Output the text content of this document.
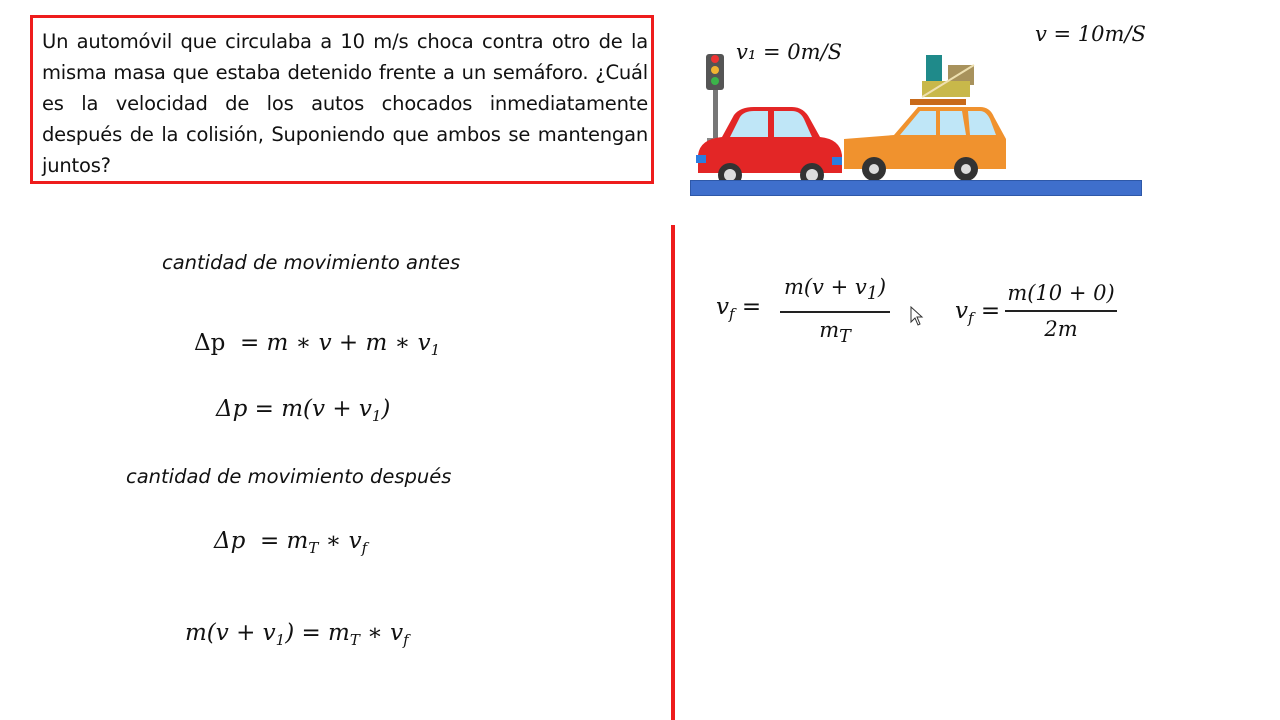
Un automóvil que circulaba a 10 m/s choca contra otro de la misma masa que estaba detenido frente a un semáforo. ¿Cuál es la velocidad de los autos chocados inmediatamente después de la colisión, Suponiendo que ambos se mantengan juntos?
v₁ = 0m/S
v = 10m/S
cantidad de movimiento antes
Δp = m ∗ v + m ∗ $v_1$
$\Delta p = m(v + v_1)$
cantidad de movimiento después
$\Delta p = m_T$ ∗ $v_f$
$m(v + v_1) = m_T$ ∗ $v_f$
$v_f$ =
$m(v + v_1)$
$m_T$
$v_f$ =
m(10 + 0)
2m
